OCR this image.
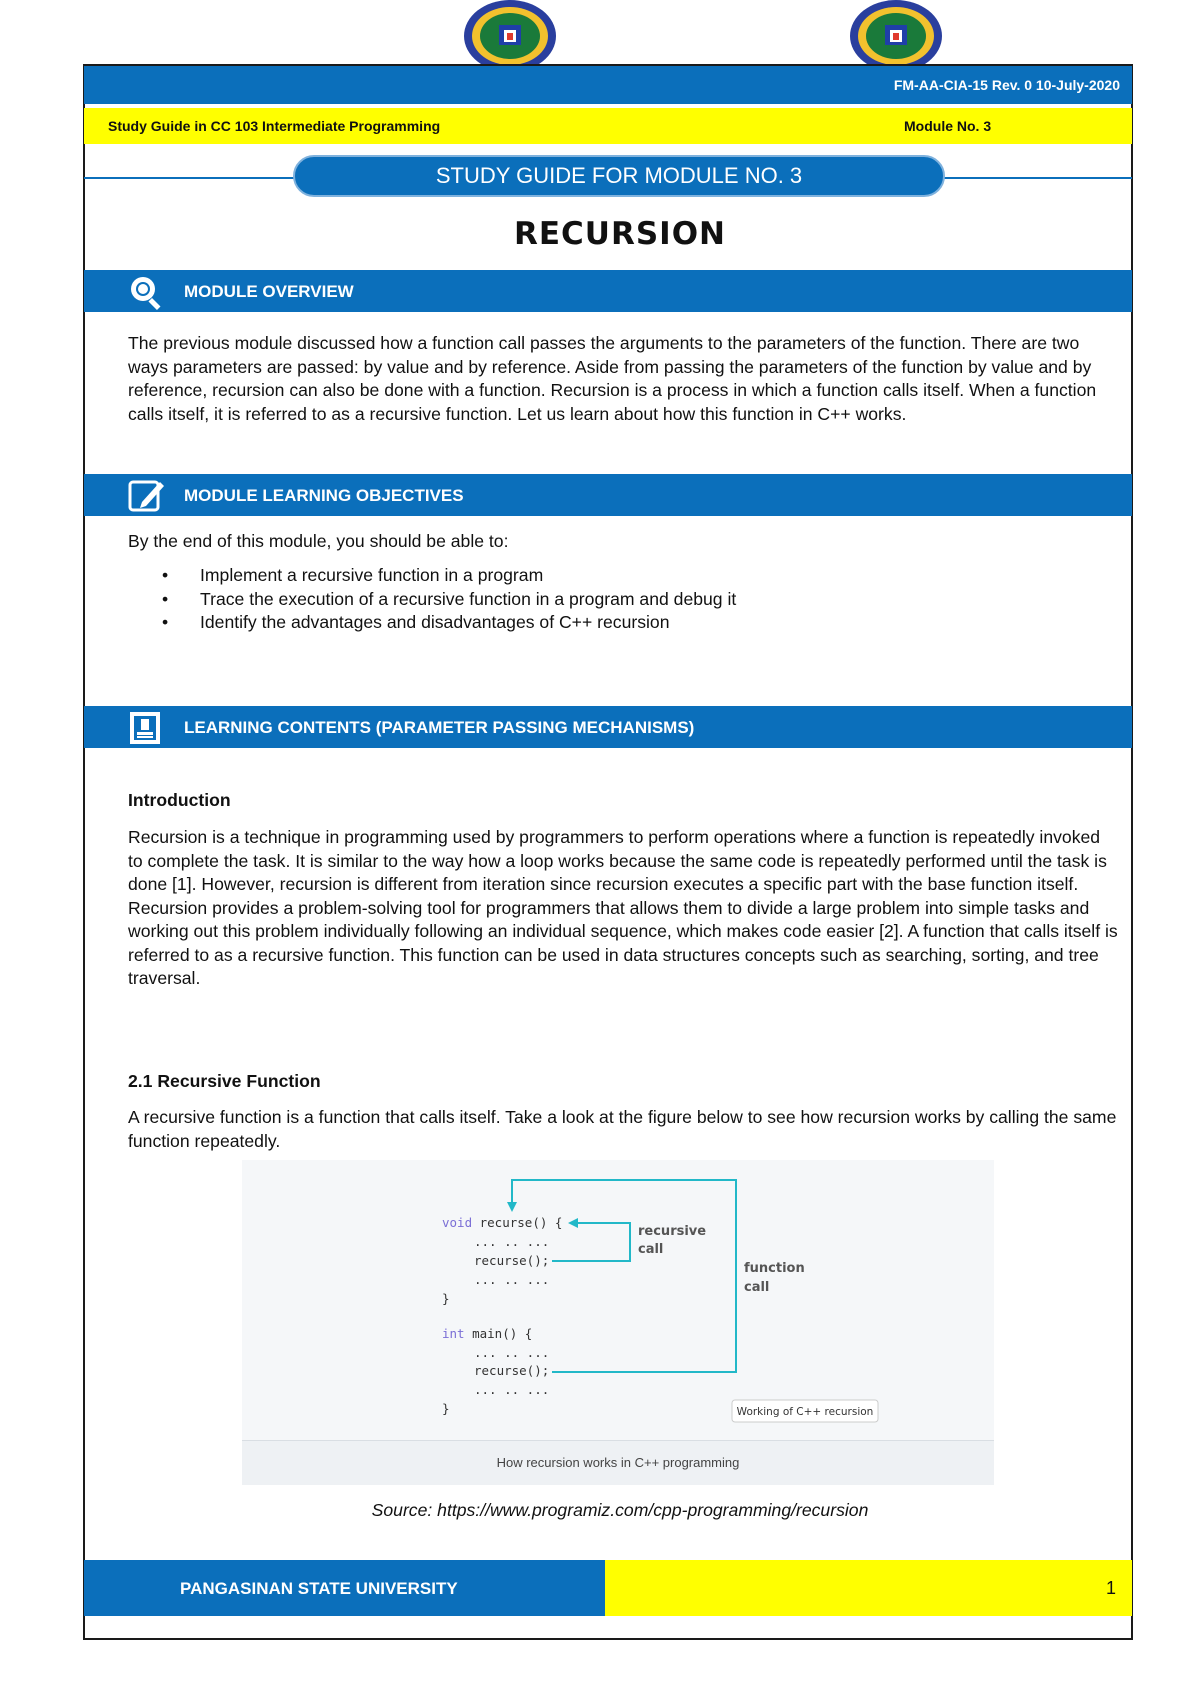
FM-AA-CIA-15 Rev. 0 10-July-2020
Study Guide in CC 103 Intermediate Programming	Module No. 3
STUDY GUIDE FOR MODULE NO. 3
RECURSION
MODULE OVERVIEW
The previous module discussed how a function call passes the arguments to the parameters of the function. There are two ways parameters are passed: by value and by reference. Aside from passing the parameters of the function by value and by reference, recursion can also be done with a function. Recursion is a process in which a function calls itself. When a function calls itself, it is referred to as a recursive function. Let us learn about how this function in C++ works.
MODULE LEARNING OBJECTIVES
By the end of this module, you should be able to:
• Implement a recursive function in a program
• Trace the execution of a recursive function in a program and debug it
• Identify the advantages and disadvantages of C++ recursion
LEARNING CONTENTS (PARAMETER PASSING MECHANISMS)
Introduction
Recursion is a technique in programming used by programmers to perform operations where a function is repeatedly invoked to complete the task. It is similar to the way how a loop works because the same code is repeatedly performed until the task is done [1]. However, recursion is different from iteration since recursion executes a specific part with the base function itself. Recursion provides a problem-solving tool for programmers that allows them to divide a large problem into simple tasks and working out this problem individually following an individual sequence, which makes code easier [2]. A function that calls itself is referred to as a recursive function. This function can be used in data structures concepts such as searching, sorting, and tree traversal.
2.1 Recursive Function
A recursive function is a function that calls itself. Take a look at the figure below to see how recursion works by calling the same function repeatedly.
void recurse() {
... .. ...
recurse();
... .. ...
}
int main() {
... .. ...
recurse();
... .. ...
}
recursive
call
function
call
Working of C++ recursion
How recursion works in C++ programming
Source: https://www.programiz.com/cpp-programming/recursion
PANGASINAN STATE UNIVERSITY	1
